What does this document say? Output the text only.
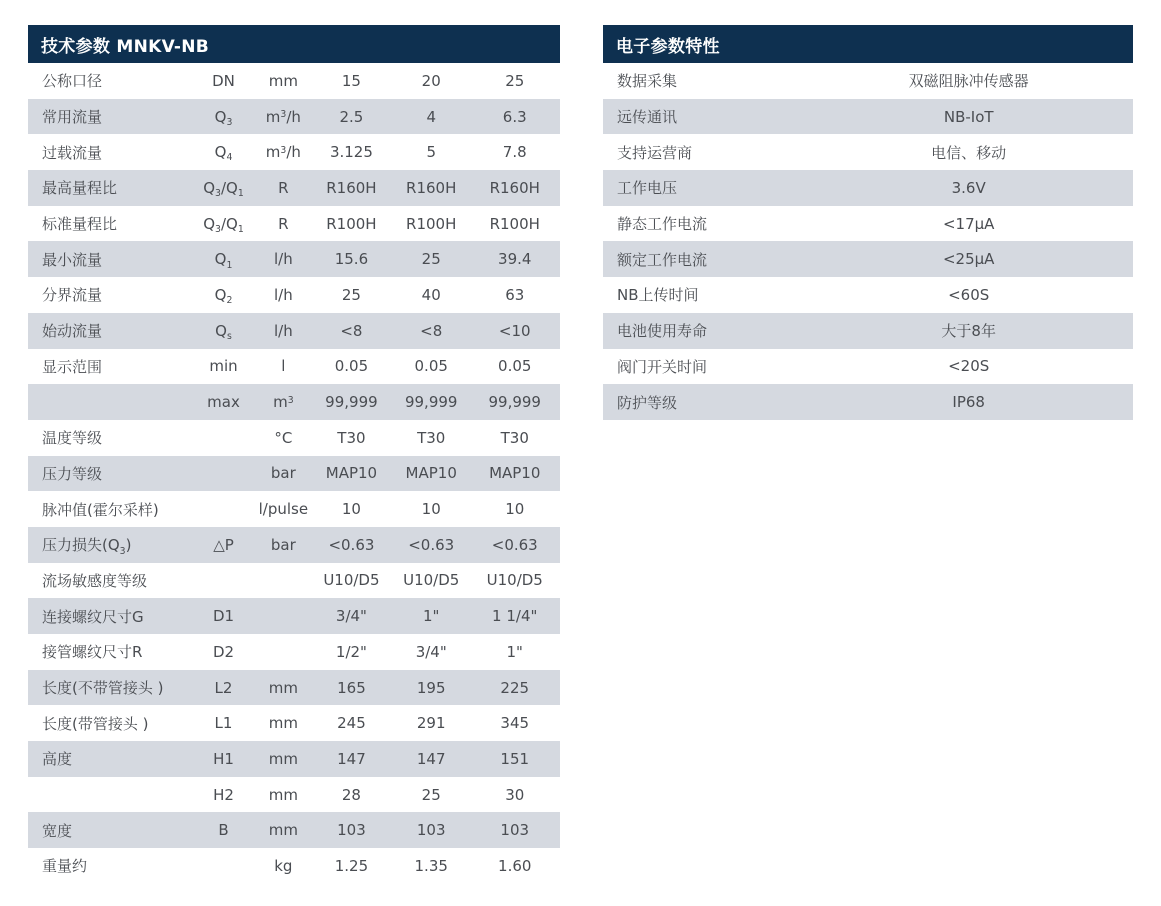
技术参数 MNKV-NB
公称口径	DN	mm	15	20	25
常用流量	$Q_3$	$m^3/h$	2.5	4	6.3
过载流量	$Q_4$	$m^3/h$	3.125	5	7.8
最高量程比	$Q_3/Q_1$	R	R160H	R160H	R160H
标准量程比	$Q_3/Q_1$	R	R100H	R100H	R100H
最小流量	$Q_1$	l/h	15.6	25	39.4
分界流量	$Q_2$	l/h	25	40	63
始动流量	$Q_s$	l/h	<8	<8	<10
显示范围	min	l	0.05	0.05	0.05
max	$m^3$	99,999	99,999	99,999
温度等级	°C	T30	T30	T30
压力等级	bar	MAP10	MAP10	MAP10
脉冲值(霍尔采样)	l/pulse	10	10	10
压力损失$(Q_3)$	△P	bar	<0.63	<0.63	<0.63
流场敏感度等级	U10/D5	U10/D5	U10/D5
连接螺纹尺寸G	D1	3/4"	1"	1 1/4"
接管螺纹尺寸R	D2	1/2"	3/4"	1"
长度(不带管接头 )	L2	mm	165	195	225
长度(带管接头 )	L1	mm	245	291	345
高度	H1	mm	147	147	151
H2	mm	28	25	30
宽度	B	mm	103	103	103
重量约	kg	1.25	1.35	1.60
电子参数特性
数据采集	双磁阻脉冲传感器
远传通讯	NB-IoT
支持运营商	电信、移动
工作电压	3.6V
静态工作电流	<17μA
额定工作电流	<25μA
NB上传时间	<60S
电池使用寿命	大于8年
阀门开关时间	<20S
防护等级	IP68
